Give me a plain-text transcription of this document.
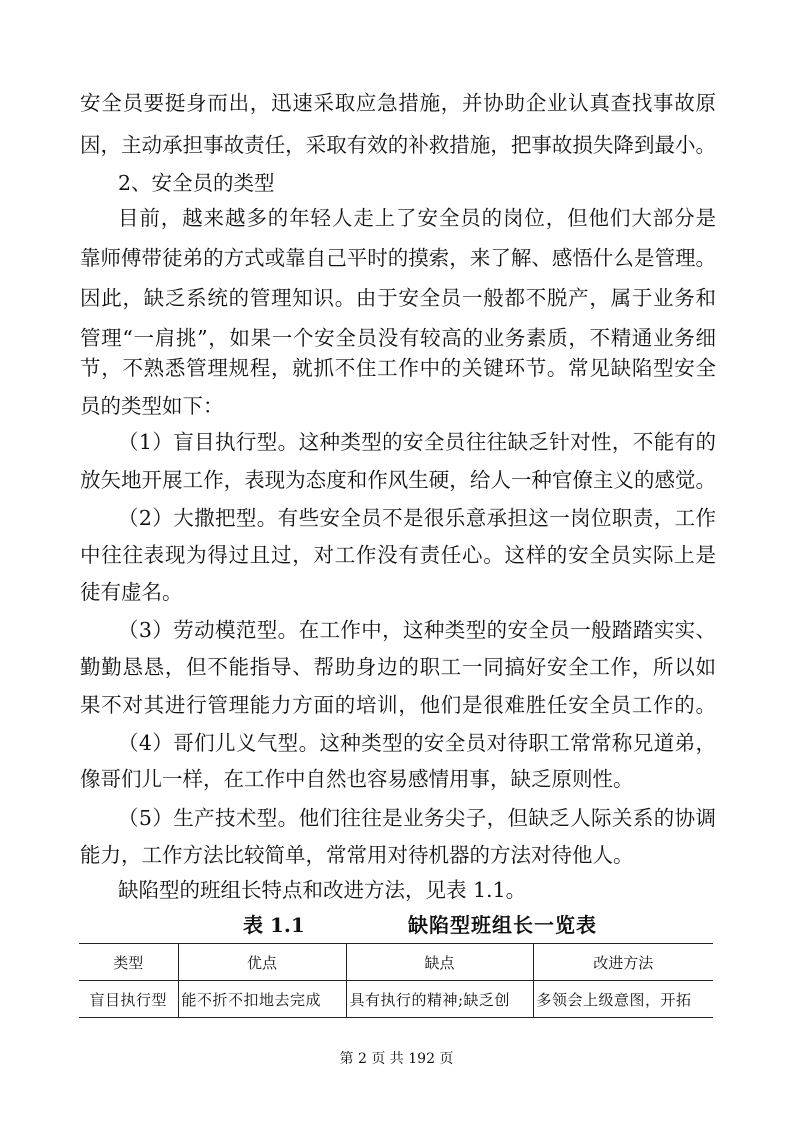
安全员要挺身而出，迅速采取应急措施，并协助企业认真查找事故原
因，主动承担事故责任，采取有效的补救措施，把事故损失降到最小。
2、安全员的类型
目前，越来越多的年轻人走上了安全员的岗位，但他们大部分是
靠师傅带徒弟的方式或靠自己平时的摸索，来了解、感悟什么是管理。
因此，缺乏系统的管理知识。由于安全员一般都不脱产，属于业务和
管理“一肩挑”，如果一个安全员没有较高的业务素质，不精通业务细
节，不熟悉管理规程，就抓不住工作中的关键环节。常见缺陷型安全
员的类型如下：
（1）盲目执行型。这种类型的安全员往往缺乏针对性，不能有的
放矢地开展工作，表现为态度和作风生硬，给人一种官僚主义的感觉。
（2）大撒把型。有些安全员不是很乐意承担这一岗位职责，工作
中往往表现为得过且过，对工作没有责任心。这样的安全员实际上是
徒有虚名。
（3）劳动模范型。在工作中，这种类型的安全员一般踏踏实实、
勤勤恳恳，但不能指导、帮助身边的职工一同搞好安全工作，所以如
果不对其进行管理能力方面的培训，他们是很难胜任安全员工作的。
（4）哥们儿义气型。这种类型的安全员对待职工常常称兄道弟，
像哥们儿一样，在工作中自然也容易感情用事，缺乏原则性。
（5）生产技术型。他们往往是业务尖子，但缺乏人际关系的协调
能力，工作方法比较简单，常常用对待机器的方法对待他人。
缺陷型的班组长特点和改进方法，见表 1.1。
表 1.1	缺陷型班组长一览表
类型	优点	缺点	改进方法
盲目执行型	能不折不扣地去完成	具有执行的精神;缺乏创	多领会上级意图，开拓
第 2 页 共 192 页
